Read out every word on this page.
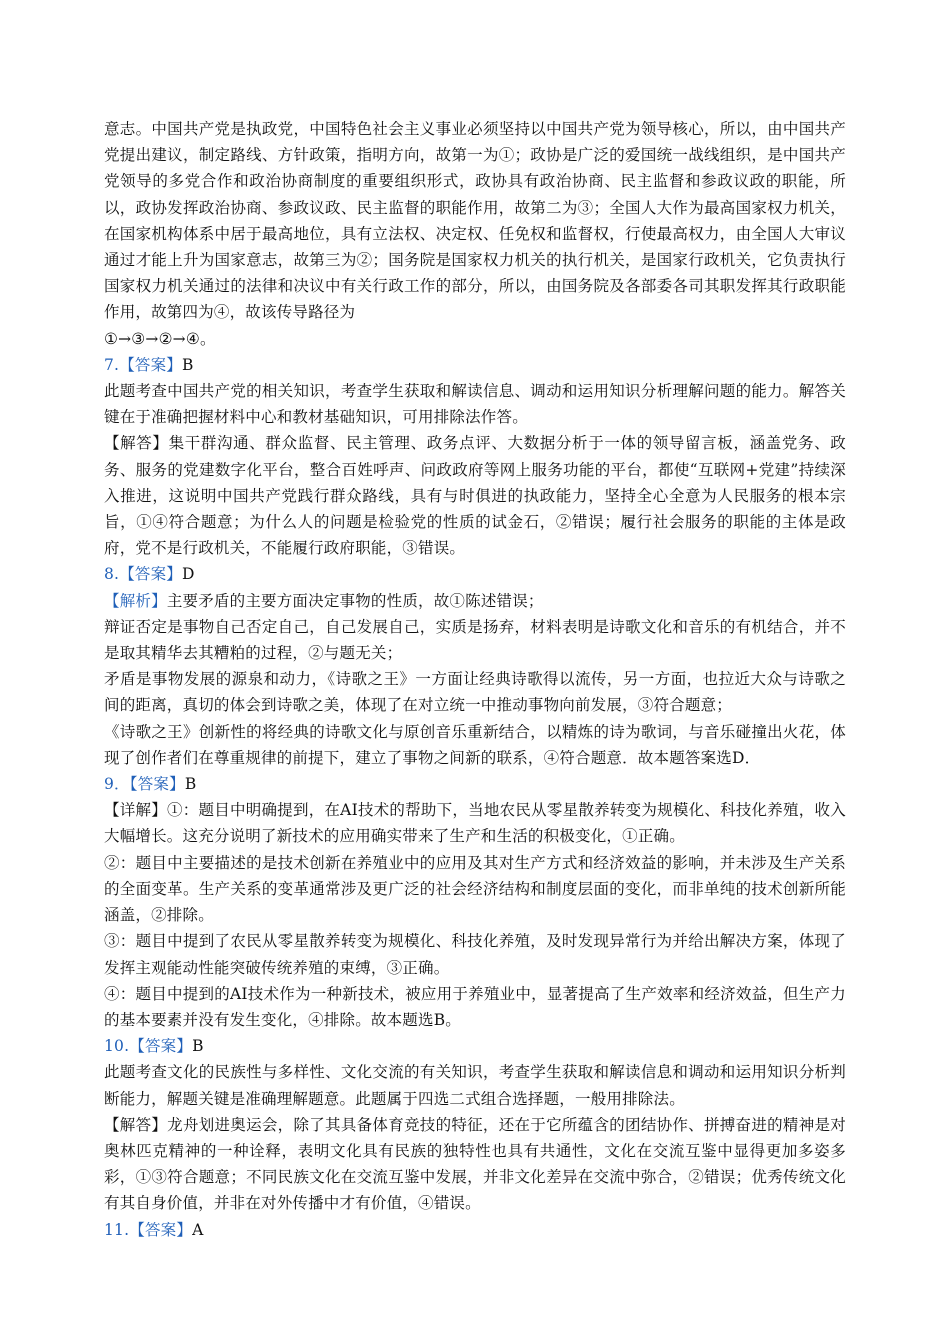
意志。中国共产党是执政党，中国特色社会主义事业必须坚持以中国共产党为领导核心，所以，由中国共产党提出建议，制定路线、方针政策，指明方向，故第一为①；政协是广泛的爱国统一战线组织，是中国共产党领导的多党合作和政治协商制度的重要组织形式，政协具有政治协商、民主监督和参政议政的职能，所以，政协发挥政治协商、参政议政、民主监督的职能作用，故第二为③；全国人大作为最高国家权力机关，在国家机构体系中居于最高地位，具有立法权、决定权、任免权和监督权，行使最高权力，由全国人大审议通过才能上升为国家意志，故第三为②；国务院是国家权力机关的执行机关，是国家行政机关，它负责执行国家权力机关通过的法律和决议中有关行政工作的部分，所以，由国务院及各部委各司其职发挥其行政职能作用，故第四为④，故该传导路径为

①→③→②→④。

7.【答案】B

此题考查中国共产党的相关知识，考查学生获取和解读信息、调动和运用知识分析理解问题的能力。解答关键在于准确把握材料中心和教材基础知识，可用排除法作答。

【解答】集干群沟通、群众监督、民主管理、政务点评、大数据分析于一体的领导留言板，涵盖党务、政务、服务的党建数字化平台，整合百姓呼声、问政政府等网上服务功能的平台，都使“互联网+党建”持续深入推进，这说明中国共产党践行群众路线，具有与时俱进的执政能力，坚持全心全意为人民服务的根本宗旨，①④符合题意；为什么人的问题是检验党的性质的试金石，②错误；履行社会服务的职能的主体是政府，党不是行政机关，不能履行政府职能，③错误。

8.【答案】D

【解析】主要矛盾的主要方面决定事物的性质，故①陈述错误；

辩证否定是事物自己否定自己，自己发展自己，实质是扬弃，材料表明是诗歌文化和音乐的有机结合，并不是取其精华去其糟粕的过程，②与题无关；

矛盾是事物发展的源泉和动力，《诗歌之王》一方面让经典诗歌得以流传，另一方面，也拉近大众与诗歌之间的距离，真切的体会到诗歌之美，体现了在对立统一中推动事物向前发展，③符合题意；

《诗歌之王》创新性的将经典的诗歌文化与原创音乐重新结合，以精炼的诗为歌词，与音乐碰撞出火花，体现了创作者们在尊重规律的前提下，建立了事物之间新的联系，④符合题意．故本题答案选D．

9．【答案】B

【详解】①：题目中明确提到，在AI技术的帮助下，当地农民从零星散养转变为规模化、科技化养殖，收入大幅增长。这充分说明了新技术的应用确实带来了生产和生活的积极变化，①正确。

②：题目中主要描述的是技术创新在养殖业中的应用及其对生产方式和经济效益的影响，并未涉及生产关系的全面变革。生产关系的变革通常涉及更广泛的社会经济结构和制度层面的变化，而非单纯的技术创新所能涵盖，②排除。

③：题目中提到了农民从零星散养转变为规模化、科技化养殖，及时发现异常行为并给出解决方案，体现了发挥主观能动性能突破传统养殖的束缚，③正确。

④：题目中提到的AI技术作为一种新技术，被应用于养殖业中，显著提高了生产效率和经济效益，但生产力的基本要素并没有发生变化，④排除。故本题选B。

10.【答案】B

此题考查文化的民族性与多样性、文化交流的有关知识，考查学生获取和解读信息和调动和运用知识分析判断能力，解题关键是准确理解题意。此题属于四选二式组合选择题，一般用排除法。

【解答】龙舟划进奥运会，除了其具备体育竞技的特征，还在于它所蕴含的团结协作、拼搏奋进的精神是对奥林匹克精神的一种诠释，表明文化具有民族的独特性也具有共通性，文化在交流互鉴中显得更加多姿多彩，①③符合题意；不同民族文化在交流互鉴中发展，并非文化差异在交流中弥合，②错误；优秀传统文化有其自身价值，并非在对外传播中才有价值，④错误。

11.【答案】A
